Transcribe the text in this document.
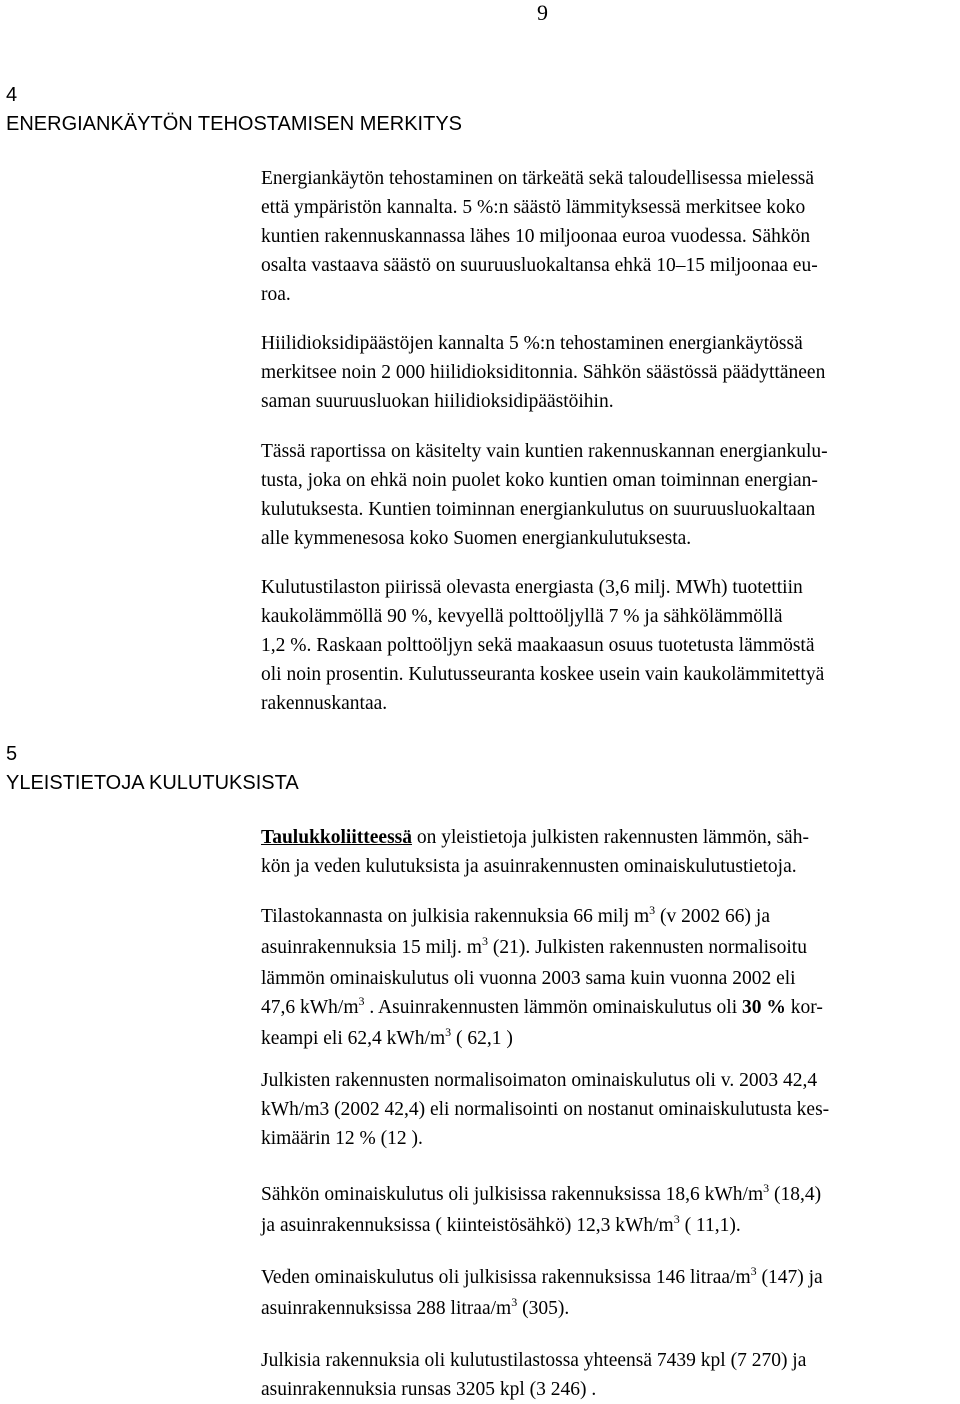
9
4
ENERGIANKÄYTÖN TEHOSTAMISEN MERKITYS
Energiankäytön tehostaminen on tärkeätä sekä taloudellisessa mielessä
että ympäristön kannalta. 5 %:n säästö lämmityksessä merkitsee koko
kuntien rakennuskannassa lähes 10 miljoonaa euroa vuodessa. Sähkön
osalta vastaava säästö on suuruusluokaltansa ehkä 10–15 miljoonaa eu-
roa.
Hiilidioksidipäästöjen kannalta 5 %:n tehostaminen energiankäytössä
merkitsee noin 2 000 hiilidioksiditonnia. Sähkön säästössä päädyttäneen
saman suuruusluokan hiilidioksidipäästöihin.
Tässä raportissa on käsitelty vain kuntien rakennuskannan energiankulu-
tusta, joka on ehkä noin puolet koko kuntien oman toiminnan energian-
kulutuksesta. Kuntien toiminnan energiankulutus on suuruusluokaltaan
alle kymmenesosa koko Suomen energiankulutuksesta.
Kulutustilaston piirissä olevasta energiasta (3,6 milj. MWh) tuotettiin
kaukolämmöllä 90 %, kevyellä polttoöljyllä 7 % ja sähkölämmöllä
1,2 %. Raskaan polttoöljyn sekä maakaasun osuus tuotetusta lämmöstä
oli noin prosentin. Kulutusseuranta koskee usein vain kaukolämmitettyä
rakennuskantaa.
5
YLEISTIETOJA KULUTUKSISTA
Taulukkoliitteessä on yleistietoja julkisten rakennusten lämmön, säh-
kön ja veden kulutuksista ja asuinrakennusten ominaiskulutustietoja.
Tilastokannasta on julkisia rakennuksia 66 milj $m^3$ (v 2002 66) ja
asuinrakennuksia 15 milj. $m^3$ (21). Julkisten rakennusten normalisoitu
lämmön ominaiskulutus oli vuonna 2003 sama kuin vuonna 2002 eli
47,6 kWh/$m^3$ . Asuinrakennusten lämmön ominaiskulutus oli 30 % kor-
keampi eli 62,4 kWh/$m^3$ ( 62,1 )
Julkisten rakennusten normalisoimaton ominaiskulutus oli v. 2003 42,4
kWh/m3 (2002 42,4) eli normalisointi on nostanut ominaiskulutusta kes-
kimäärin 12 % (12 ).
Sähkön ominaiskulutus oli julkisissa rakennuksissa 18,6 kWh/$m^3$ (18,4)
ja asuinrakennuksissa ( kiinteistösähkö) 12,3 kWh/$m^3$ ( 11,1).
Veden ominaiskulutus oli julkisissa rakennuksissa 146 litraa/$m^3$ (147) ja
asuinrakennuksissa 288 litraa/$m^3$ (305).
Julkisia rakennuksia oli kulutustilastossa yhteensä 7439 kpl (7 270) ja
asuinrakennuksia runsas 3205 kpl (3 246) .
